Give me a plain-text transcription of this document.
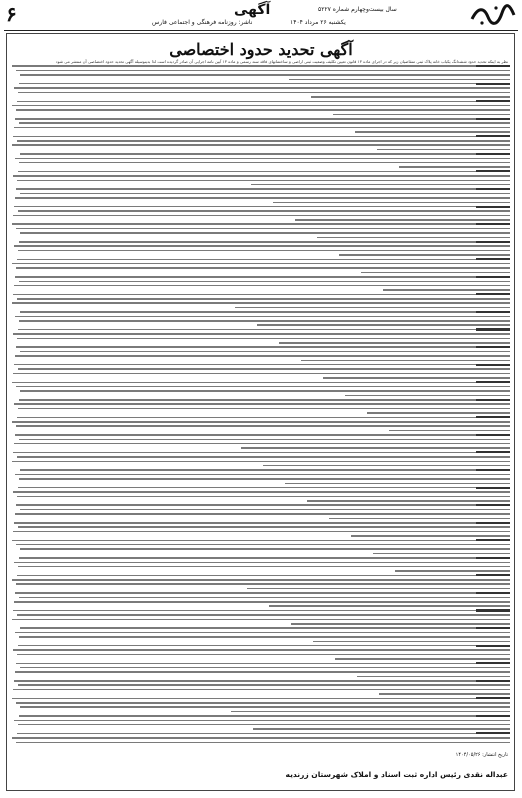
۶	آگهی	سال بیست‌وچهارم شماره ۵۲۲۷
یکشنبه ۲۶ مرداد ۱۴۰۴
ناشر: روزنامه فرهنگی و اجتماعی فارس
آگهی تحدید حدود اختصاصی
نظر به اینکه تحدید حدود ششدانگ یکباب خانه پلاک ثبتی متقاضیان زیر که در اجرای ماده ۱۳ قانون تعیین تکلیف وضعیت ثبتی اراضی و ساختمانهای فاقد سند رسمی و ماده ۱۳ آیین نامه اجرایی آن صادر گردیده است لذا بدینوسیله آگهی تحدید حدود اختصاصی آن منتشر می شود
تاریخ انتشار: ۱۴۰۴/۰۵/۲۶
عبداله نقدی رئیس اداره ثبت اسناد و املاک شهرستان زرندیه
